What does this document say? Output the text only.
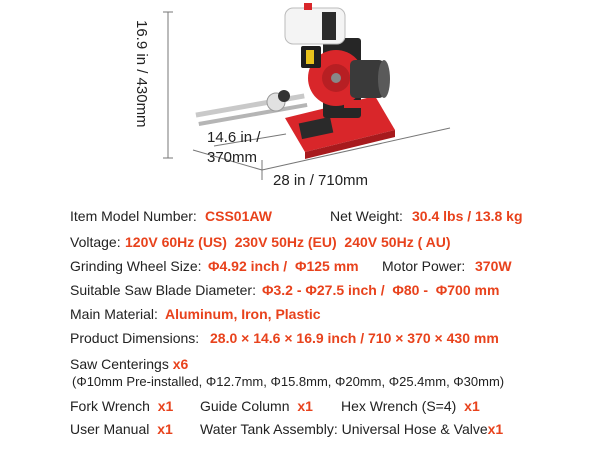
16.9 in / 430mm
14.6 in /
370mm
28 in / 710mm
Item Model Number: CSS01AW	Net Weight: 30.4 lbs / 13.8 kg
Voltage: 120V 60Hz (US)  230V 50Hz (EU)  240V 50Hz ( AU)
Grinding Wheel Size: Φ4.92 inch /  Φ125 mm Motor Power: 370W
Suitable Saw Blade Diameter: Φ3.2 - Φ27.5 inch /  Φ80 -  Φ700 mm
Main Material: Aluminum, Iron, Plastic
Product Dimensions: 28.0 × 14.6 × 16.9 inch / 710 × 370 × 430 mm
Saw Centerings x6
(Φ10mm Pre-installed, Φ12.7mm, Φ15.8mm, Φ20mm, Φ25.4mm, Φ30mm)
Fork Wrench x1 Guide Column x1 Hex Wrench (S=4) x1
User Manual x1 Water Tank Assembly: Universal Hose & Valvex1
